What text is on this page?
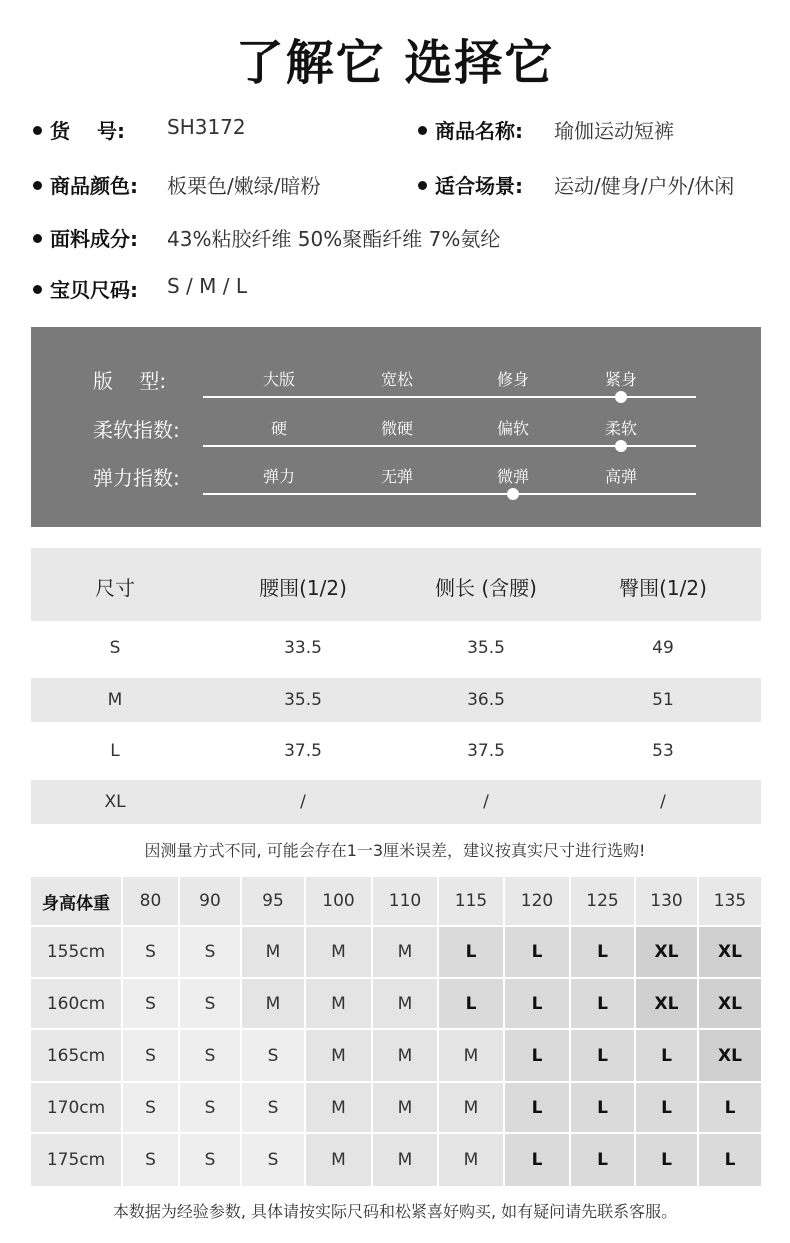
了解它 选择它
货　 号: SH3172	商品名称: 瑜伽运动短裤
商品颜色: 板栗色/嫩绿/暗粉	适合场景: 运动/健身/户外/休闲
面料成分: 43%粘胶纤维 50%聚酯纤维 7%氨纶
宝贝尺码: S / M / L
版　 型:	大版	宽松	修身	紧身
柔软指数:	硬	微硬	偏软	柔软
弹力指数:	弹力	无弹	微弹	高弹
尺寸	腰围(1/2)	侧长 (含腰)	臀围(1/2)
S	33.5	35.5	49
M	35.5	36.5	51
L	37.5	37.5	53
XL	/	/	/
因测量方式不同, 可能会存在1一3厘米误差，建议按真实尺寸进行选购!
身高体重	80	90	95	100	110	115	120	125	130	135
155cm	S	S	M	M	M	L	L	L	XL	XL
160cm	S	S	M	M	M	L	L	L	XL	XL
165cm	S	S	S	M	M	M	L	L	L	XL
170cm	S	S	S	M	M	M	L	L	L	L
175cm	S	S	S	M	M	M	L	L	L	L
本数据为经验参数, 具体请按实际尺码和松紧喜好购买, 如有疑问请先联系客服。
